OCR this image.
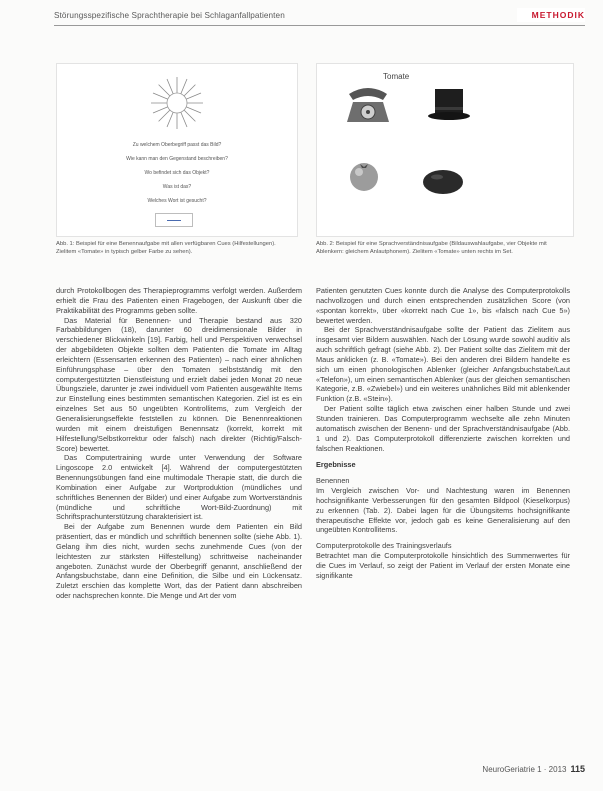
Störungsspezifische Sprachtherapie bei Schlaganfallpatienten	METHODIK
Zu welchem Oberbegriff passt das Bild?
Wie kann man den Gegenstand beschreiben?
Wo befindet sich das Objekt?
Was ist das?
Welches Wort ist gesucht?
Tomate
Abb. 1: Beispiel für eine Benennaufgabe mit allen verfügbaren Cues (Hilfestellungen). Zielitem «Tomate» in typisch gelber Farbe zu sehen).
Abb. 2: Beispiel für eine Sprachverständnisaufgabe (Bildauswahlaufgabe, vier Objekte mit Ablenkern: gleichem Anlautphonem). Zielitem «Tomate» unten rechts im Set.

durch Protokollbogen des Therapieprogramms verfolgt werden. Außerdem erhielt die Frau des Patienten einen Fragebogen, der Auskunft über die Praktikabilität des Programms geben sollte.

Das Material für Benennen- und Therapie bestand aus 320 Farbabbildungen (18), darunter 60 dreidimensionale Bilder in verschiedener Blickwinkeln [19]. Farbig, hell und Perspektiven verwechsel der abgebildeten Objekte sollten dem Patienten die Tomate im Alltag erleichtern (Essensarten erkennen des Patienten) – nach einer ähnlichen Einführungsphase – über den Tomaten selbstständig mit den computergestützten Dienstleistung und erzielt dabei jeden Monat 20 neue Übungsziele, darunter je zwei individuell vom Patienten ausgewählte Items zur Einstellung eines bestimmten semantischen Kategorien. Ziel ist es ein einzelnes Set aus 50 ungeübten Kontrollitems, zum Vergleich der Generalisierungseffekte feststellen zu können. Die Benennreaktionen wurden mit einem dreistufigen Benennsatz (korrekt, korrekt mit Hilfestellung/Selbstkorrektur oder falsch) nach direkter (Richtig/Falsch-Score) bewertet.

Das Computertraining wurde unter Verwendung der Software Lingoscope 2.0 entwickelt [4]. Während der computergestützten Benennungsübungen fand eine multimodale Therapie statt, die durch die Kombination einer Aufgabe zur Wortproduktion (mündliches und schriftliches Benennen der Bilder) und einer Aufgabe zum Wortverständnis (mündliche und schriftliche Wort-Bild-Zuordnung) mit Schriftsprachunterstützung charakterisiert ist.

Bei der Aufgabe zum Benennen wurde dem Patienten ein Bild präsentiert, das er mündlich und schriftlich benennen sollte (siehe Abb. 1). Gelang ihm dies nicht, wurden sechs zunehmende Cues (von der leichtesten zur stärksten Hilfestellung) schrittweise nacheinander angeboten. Zunächst wurde der Oberbegriff genannt, anschließend der Anfangsbuchstabe, dann eine Definition, die Silbe und ein Lückensatz. Zuletzt erschien das komplette Wort, das der Patient dann abschreiben oder nachsprechen konnte. Die Menge und Art der vom

Patienten genutzten Cues konnte durch die Analyse des Computerprotokolls nachvollzogen und durch einen entsprechenden zusätzlichen Score (von «spontan korrekt», über «korrekt nach Cue 1», bis «falsch nach Cue 5») bewertet werden.

Bei der Sprachverständnisaufgabe sollte der Patient das Zielitem aus insgesamt vier Bildern auswählen. Nach der Lösung wurde sowohl auditiv als auch schriftlich gefragt (siehe Abb. 2). Der Patient sollte das Zielitem mit der Maus anklicken (z. B. «Tomate»). Bei den anderen drei Bildern handelte es sich um einen phonologischen Ablenker (gleicher Anfangsbuchstabe/Laut «Telefon»), um einen semantischen Ablenker (aus der gleichen semantischen Kategorie, z.B. «Zwiebel») und ein weiteres unähnliches Bild mit ablenkender Funktion (z.B. «Stein»).

Der Patient sollte täglich etwa zwischen einer halben Stunde und zwei Stunden trainieren. Das Computerprogramm wechselte alle zehn Minuten automatisch zwischen der Benenn- und der Sprachverständnisaufgabe (Abb. 1 und 2). Das Computerprotokoll differenzierte zwischen korrekten und falschen Reaktionen.

Ergebnisse

Benennen

Im Vergleich zwischen Vor- und Nachtestung waren im Benennen hochsignifikante Verbesserungen für den gesamten Bildpool (Kieselkorpus) zu erkennen (Tab. 2). Dabei lagen für die Übungsitems hochsignifikante therapeutische Effekte vor, jedoch gab es keine Generalisierung auf den ungeübten Kontrollitems.

Computerprotokolle des Trainingsverlaufs

Betrachtet man die Computerprotokolle hinsichtlich des Summenwertes für die Cues im Verlauf, so zeigt der Patient im Verlauf der ersten Monate eine signifikante

NeuroGeriatrie 1 · 2013 115
